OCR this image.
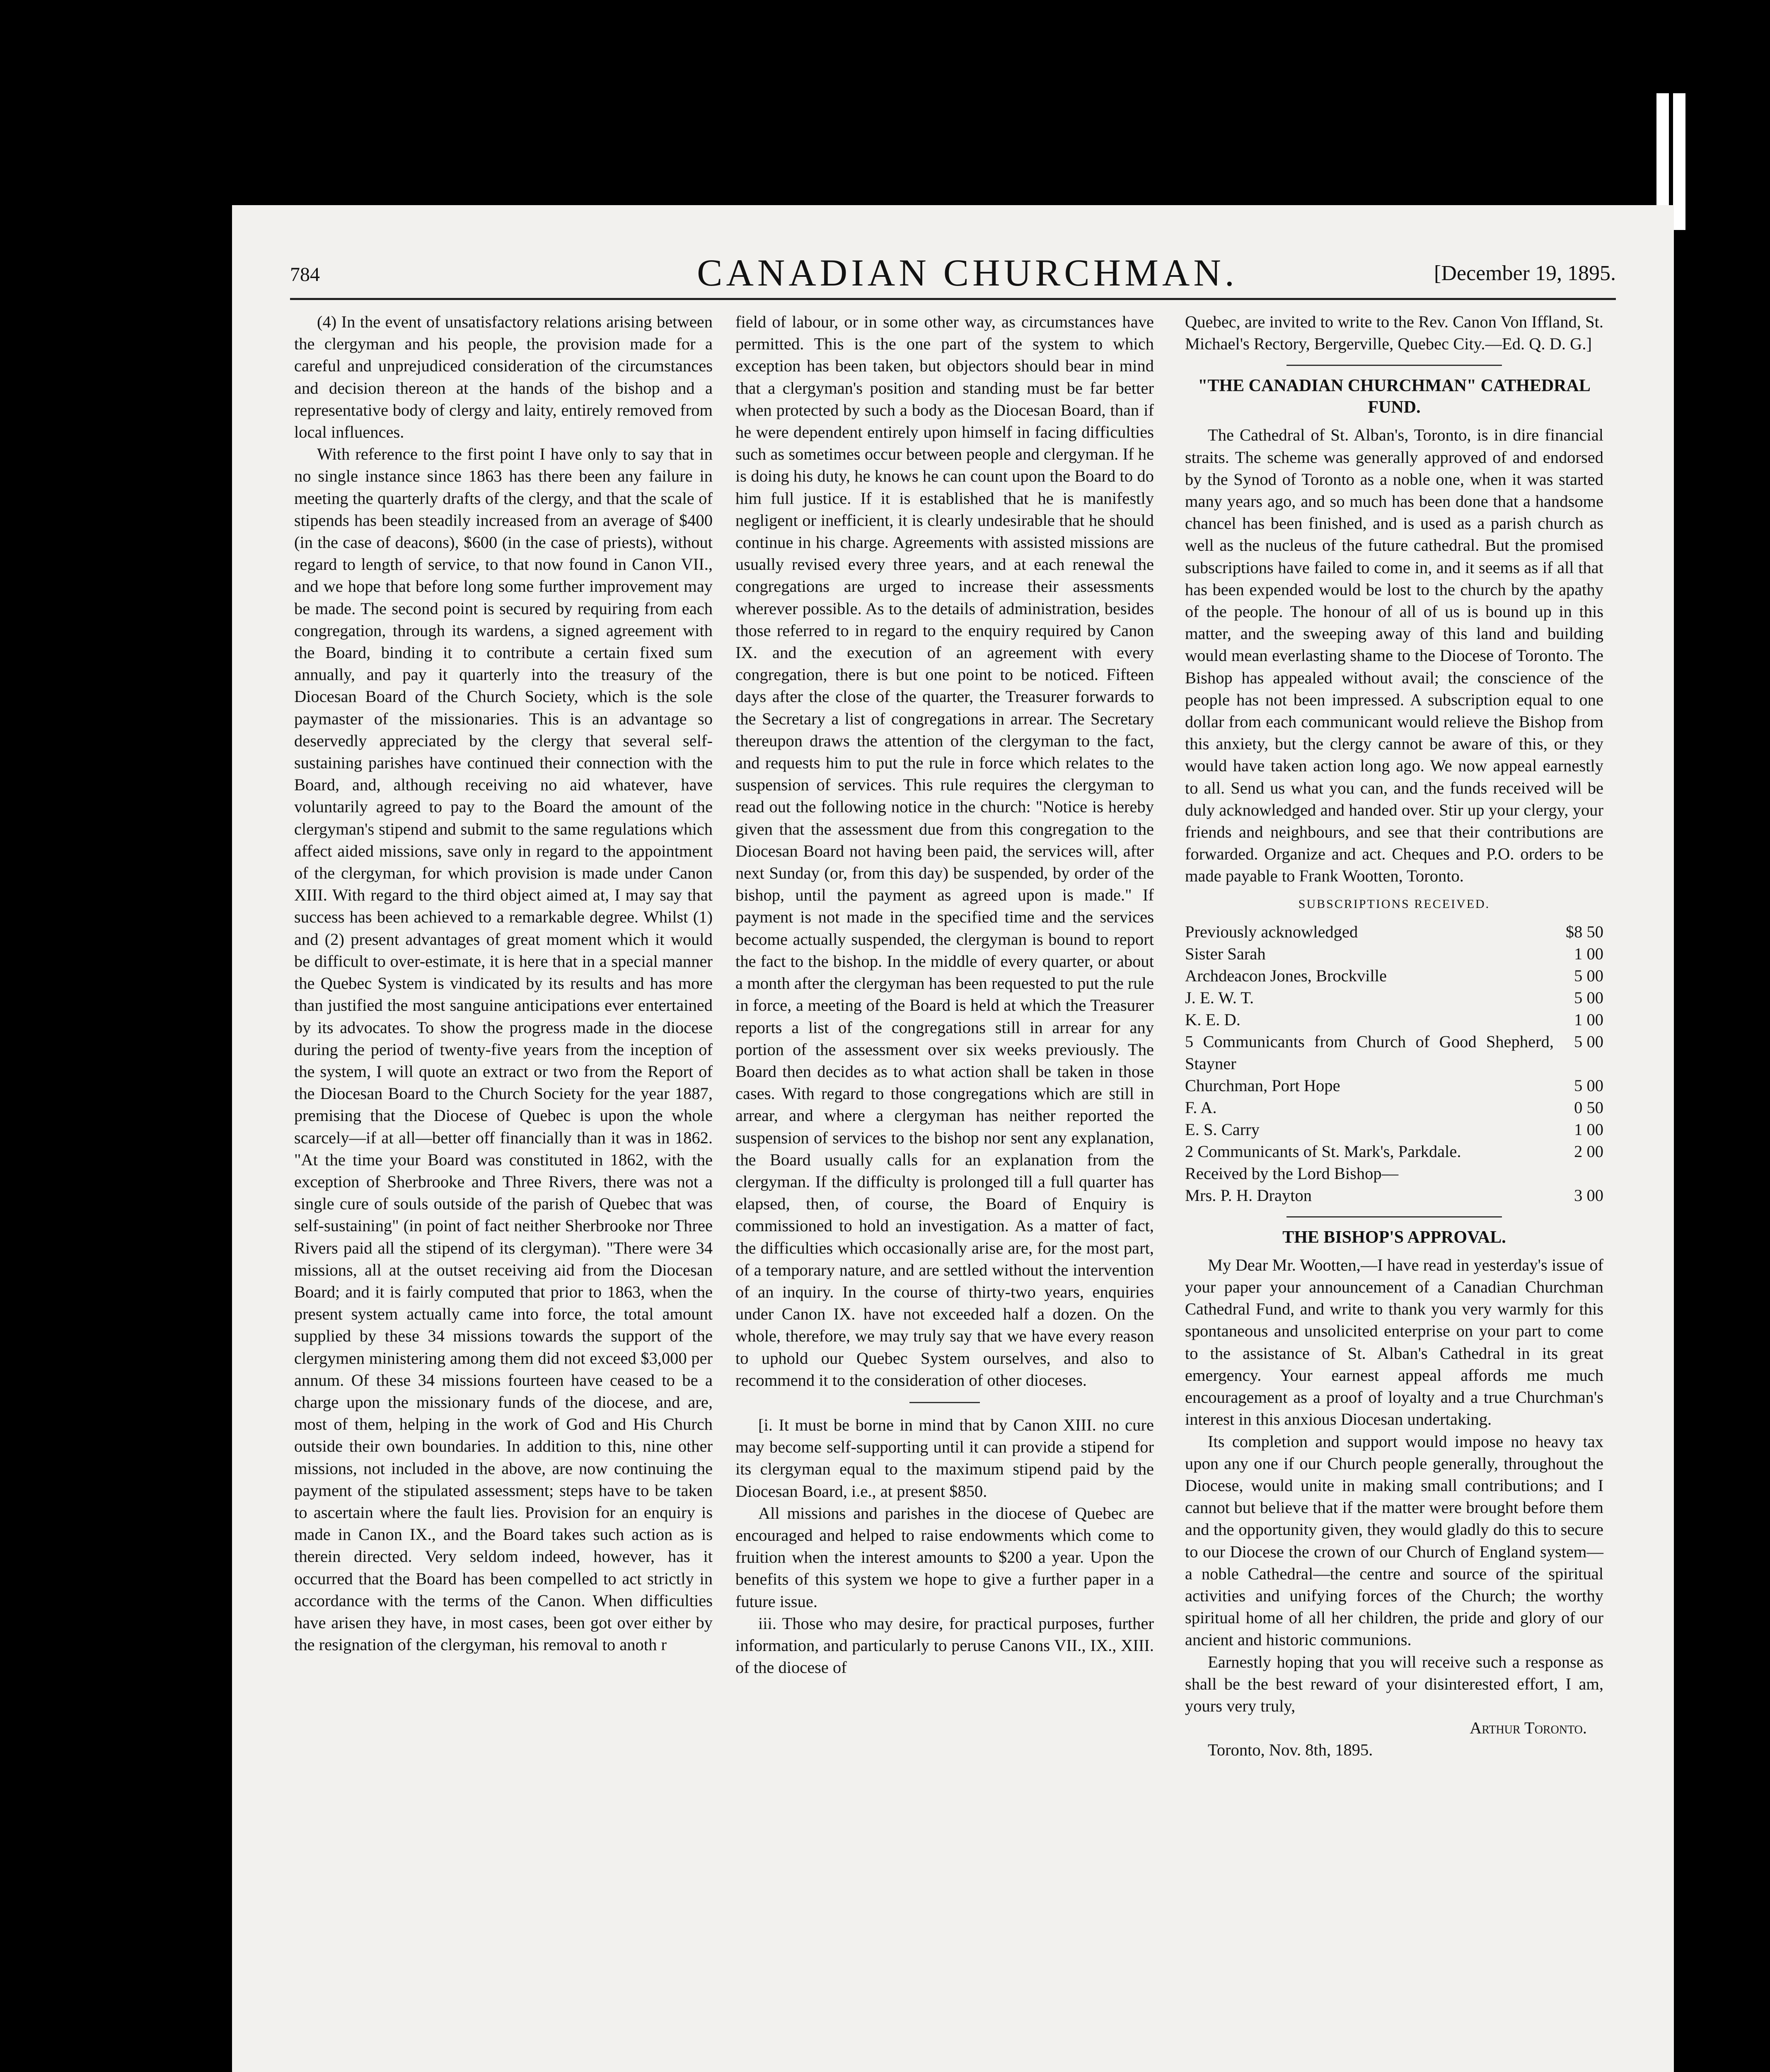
784	CANADIAN CHURCHMAN.	[December 19, 1895.

(4) In the event of unsatisfactory relations arising between the clergyman and his people, the provision made for a careful and unprejudiced consideration of the circumstances and decision thereon at the hands of the bishop and a representative body of clergy and laity, entirely removed from local influences.

With reference to the first point I have only to say that in no single instance since 1863 has there been any failure in meeting the quarterly drafts of the clergy, and that the scale of stipends has been steadily increased from an average of $400 (in the case of deacons), $600 (in the case of priests), without regard to length of service, to that now found in Canon VII., and we hope that before long some further improvement may be made. The second point is secured by requiring from each congregation, through its wardens, a signed agreement with the Board, binding it to contribute a certain fixed sum annually, and pay it quarterly into the treasury of the Diocesan Board of the Church Society, which is the sole paymaster of the missionaries. This is an advantage so deservedly appreciated by the clergy that several self-sustaining parishes have continued their connection with the Board, and, although receiving no aid whatever, have voluntarily agreed to pay to the Board the amount of the clergyman's stipend and submit to the same regulations which affect aided missions, save only in regard to the appointment of the clergyman, for which provision is made under Canon XIII. With regard to the third object aimed at, I may say that success has been achieved to a remarkable degree. Whilst (1) and (2) present advantages of great moment which it would be difficult to over-estimate, it is here that in a special manner the Quebec System is vindicated by its results and has more than justified the most sanguine anticipations ever entertained by its advocates. To show the progress made in the diocese during the period of twenty-five years from the inception of the system, I will quote an extract or two from the Report of the Diocesan Board to the Church Society for the year 1887, premising that the Diocese of Quebec is upon the whole scarcely—if at all—better off financially than it was in 1862. "At the time your Board was constituted in 1862, with the exception of Sherbrooke and Three Rivers, there was not a single cure of souls outside of the parish of Quebec that was self-sustaining" (in point of fact neither Sherbrooke nor Three Rivers paid all the stipend of its clergyman). "There were 34 missions, all at the outset receiving aid from the Diocesan Board; and it is fairly computed that prior to 1863, when the present system actually came into force, the total amount supplied by these 34 missions towards the support of the clergymen ministering among them did not exceed $3,000 per annum. Of these 34 missions fourteen have ceased to be a charge upon the missionary funds of the diocese, and are, most of them, helping in the work of God and His Church outside their own boundaries. In addition to this, nine other missions, not included in the above, are now continuing the payment of the stipulated assessment; steps have to be taken to ascertain where the fault lies. Provision for an enquiry is made in Canon IX., and the Board takes such action as is therein directed. Very seldom indeed, however, has it occurred that the Board has been compelled to act strictly in accordance with the terms of the Canon. When difficulties have arisen they have, in most cases, been got over either by the resignation of the clergyman, his removal to anoth r

field of labour, or in some other way, as circumstances have permitted. This is the one part of the system to which exception has been taken, but objectors should bear in mind that a clergyman's position and standing must be far better when protected by such a body as the Diocesan Board, than if he were dependent entirely upon himself in facing difficulties such as sometimes occur between people and clergyman. If he is doing his duty, he knows he can count upon the Board to do him full justice. If it is established that he is manifestly negligent or inefficient, it is clearly undesirable that he should continue in his charge. Agreements with assisted missions are usually revised every three years, and at each renewal the congregations are urged to increase their assessments wherever possible. As to the details of administration, besides those referred to in regard to the enquiry required by Canon IX. and the execution of an agreement with every congregation, there is but one point to be noticed. Fifteen days after the close of the quarter, the Treasurer forwards to the Secretary a list of congregations in arrear. The Secretary thereupon draws the attention of the clergyman to the fact, and requests him to put the rule in force which relates to the suspension of services. This rule requires the clergyman to read out the following notice in the church: "Notice is hereby given that the assessment due from this congregation to the Diocesan Board not having been paid, the services will, after next Sunday (or, from this day) be suspended, by order of the bishop, until the payment as agreed upon is made." If payment is not made in the specified time and the services become actually suspended, the clergyman is bound to report the fact to the bishop. In the middle of every quarter, or about a month after the clergyman has been requested to put the rule in force, a meeting of the Board is held at which the Treasurer reports a list of the congregations still in arrear for any portion of the assessment over six weeks previously. The Board then decides as to what action shall be taken in those cases. With regard to those congregations which are still in arrear, and where a clergyman has neither reported the suspension of services to the bishop nor sent any explanation, the Board usually calls for an explanation from the clergyman. If the difficulty is prolonged till a full quarter has elapsed, then, of course, the Board of Enquiry is commissioned to hold an investigation. As a matter of fact, the difficulties which occasionally arise are, for the most part, of a temporary nature, and are settled without the intervention of an inquiry. In the course of thirty-two years, enquiries under Canon IX. have not exceeded half a dozen. On the whole, therefore, we may truly say that we have every reason to uphold our Quebec System ourselves, and also to recommend it to the consideration of other dioceses.

[i. It must be borne in mind that by Canon XIII. no cure may become self-supporting until it can provide a stipend for its clergyman equal to the maximum stipend paid by the Diocesan Board, i.e., at present $850.

All missions and parishes in the diocese of Quebec are encouraged and helped to raise endowments which come to fruition when the interest amounts to $200 a year. Upon the benefits of this system we hope to give a further paper in a future issue.

iii. Those who may desire, for practical purposes, further information, and particularly to peruse Canons VII., IX., XIII. of the diocese of

Quebec, are invited to write to the Rev. Canon Von Iffland, St. Michael's Rectory, Bergerville, Quebec City.—Ed. Q. D. G.]

"THE CANADIAN CHURCHMAN" CATHEDRAL FUND.

The Cathedral of St. Alban's, Toronto, is in dire financial straits. The scheme was generally approved of and endorsed by the Synod of Toronto as a noble one, when it was started many years ago, and so much has been done that a handsome chancel has been finished, and is used as a parish church as well as the nucleus of the future cathedral. But the promised subscriptions have failed to come in, and it seems as if all that has been expended would be lost to the church by the apathy of the people. The honour of all of us is bound up in this matter, and the sweeping away of this land and building would mean everlasting shame to the Diocese of Toronto. The Bishop has appealed without avail; the conscience of the people has not been impressed. A subscription equal to one dollar from each communicant would relieve the Bishop from this anxiety, but the clergy cannot be aware of this, or they would have taken action long ago. We now appeal earnestly to all. Send us what you can, and the funds received will be duly acknowledged and handed over. Stir up your clergy, your friends and neighbours, and see that their contributions are forwarded. Organize and act. Cheques and P.O. orders to be made payable to Frank Wootten, Toronto.

SUBSCRIPTIONS RECEIVED.
Previously acknowledged	$8 50
Sister Sarah	1 00
Archdeacon Jones, Brockville	5 00
J. E. W. T.	5 00
K. E. D.	1 00
5 Communicants from Church of Good Shepherd, Stayner	5 00
Churchman, Port Hope	5 00
F. A.	0 50
E. S. Carry	1 00
2 Communicants of St. Mark's, Parkdale.	2 00
Received by the Lord Bishop—	
Mrs. P. H. Drayton	3 00
THE BISHOP'S APPROVAL.

My Dear Mr. Wootten,—I have read in yesterday's issue of your paper your announcement of a Canadian Churchman Cathedral Fund, and write to thank you very warmly for this spontaneous and unsolicited enterprise on your part to come to the assistance of St. Alban's Cathedral in its great emergency. Your earnest appeal affords me much encouragement as a proof of loyalty and a true Churchman's interest in this anxious Diocesan undertaking.

Its completion and support would impose no heavy tax upon any one if our Church people generally, throughout the Diocese, would unite in making small contributions; and I cannot but believe that if the matter were brought before them and the opportunity given, they would gladly do this to secure to our Diocese the crown of our Church of England system—a noble Cathedral—the centre and source of the spiritual activities and unifying forces of the Church; the worthy spiritual home of all her children, the pride and glory of our ancient and historic communions.

Earnestly hoping that you will receive such a response as shall be the best reward of your disinterested effort, I am, yours very truly,

Arthur Toronto.

Toronto, Nov. 8th, 1895.
